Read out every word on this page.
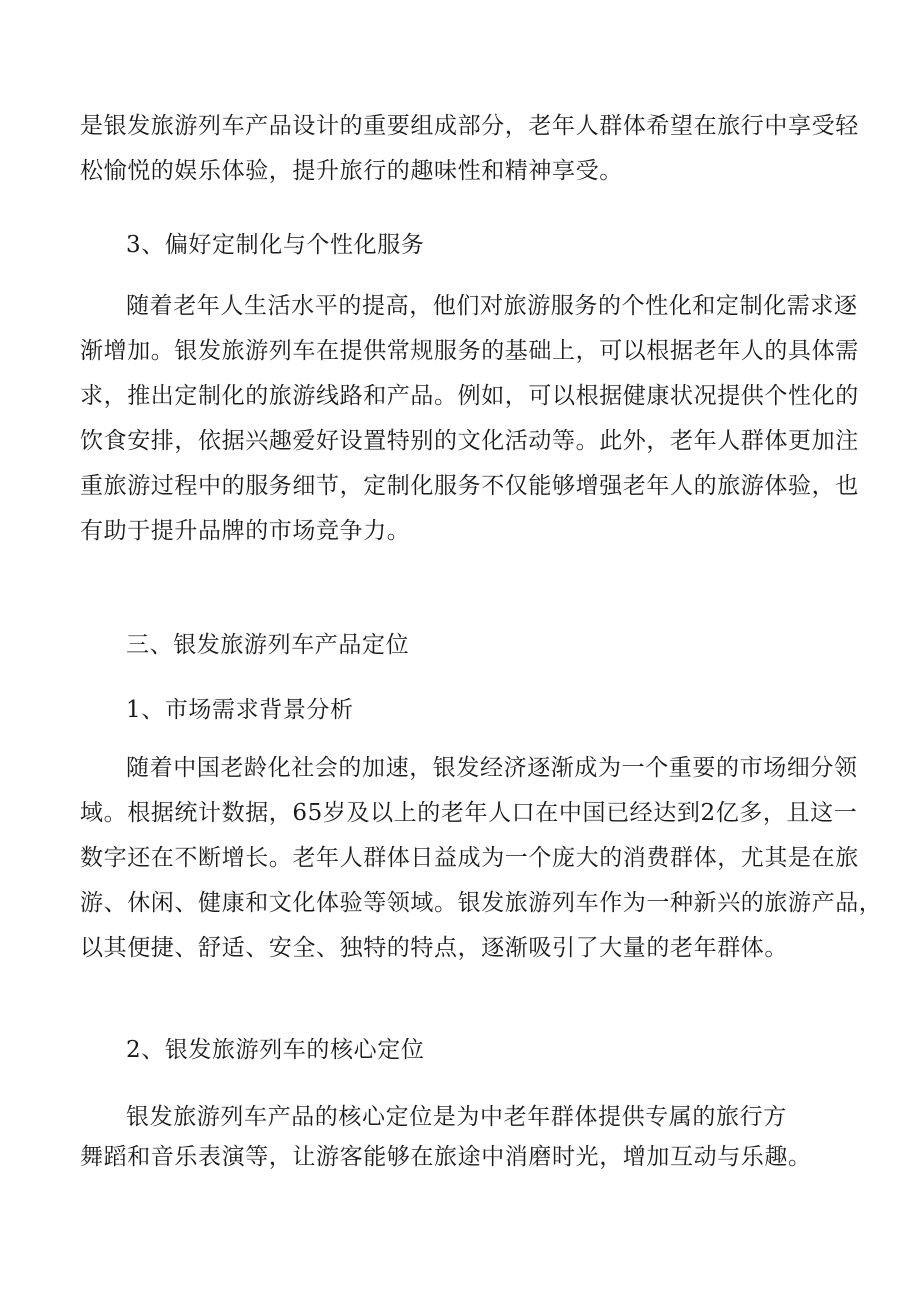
是银发旅游列车产品设计的重要组成部分，老年人群体希望在旅行中享受轻
松愉悦的娱乐体验，提升旅行的趣味性和精神享受。

3、偏好定制化与个性化服务

随着老年人生活水平的提高，他们对旅游服务的个性化和定制化需求逐
渐增加。银发旅游列车在提供常规服务的基础上，可以根据老年人的具体需
求，推出定制化的旅游线路和产品。例如，可以根据健康状况提供个性化的
饮食安排，依据兴趣爱好设置特别的文化活动等。此外，老年人群体更加注
重旅游过程中的服务细节，定制化服务不仅能够增强老年人的旅游体验，也
有助于提升品牌的市场竞争力。

三、银发旅游列车产品定位
1、市场需求背景分析

随着中国老龄化社会的加速，银发经济逐渐成为一个重要的市场细分领
域。根据统计数据，65岁及以上的老年人口在中国已经达到2亿多，且这一
数字还在不断增长。老年人群体日益成为一个庞大的消费群体，尤其是在旅
游、休闲、健康和文化体验等领域。银发旅游列车作为一种新兴的旅游产品，
以其便捷、舒适、安全、独特的特点，逐渐吸引了大量的老年群体。

2、银发旅游列车的核心定位

银发旅游列车产品的核心定位是为中老年群体提供专属的旅行方
舞蹈和音乐表演等，让游客能够在旅途中消磨时光，增加互动与乐趣。
